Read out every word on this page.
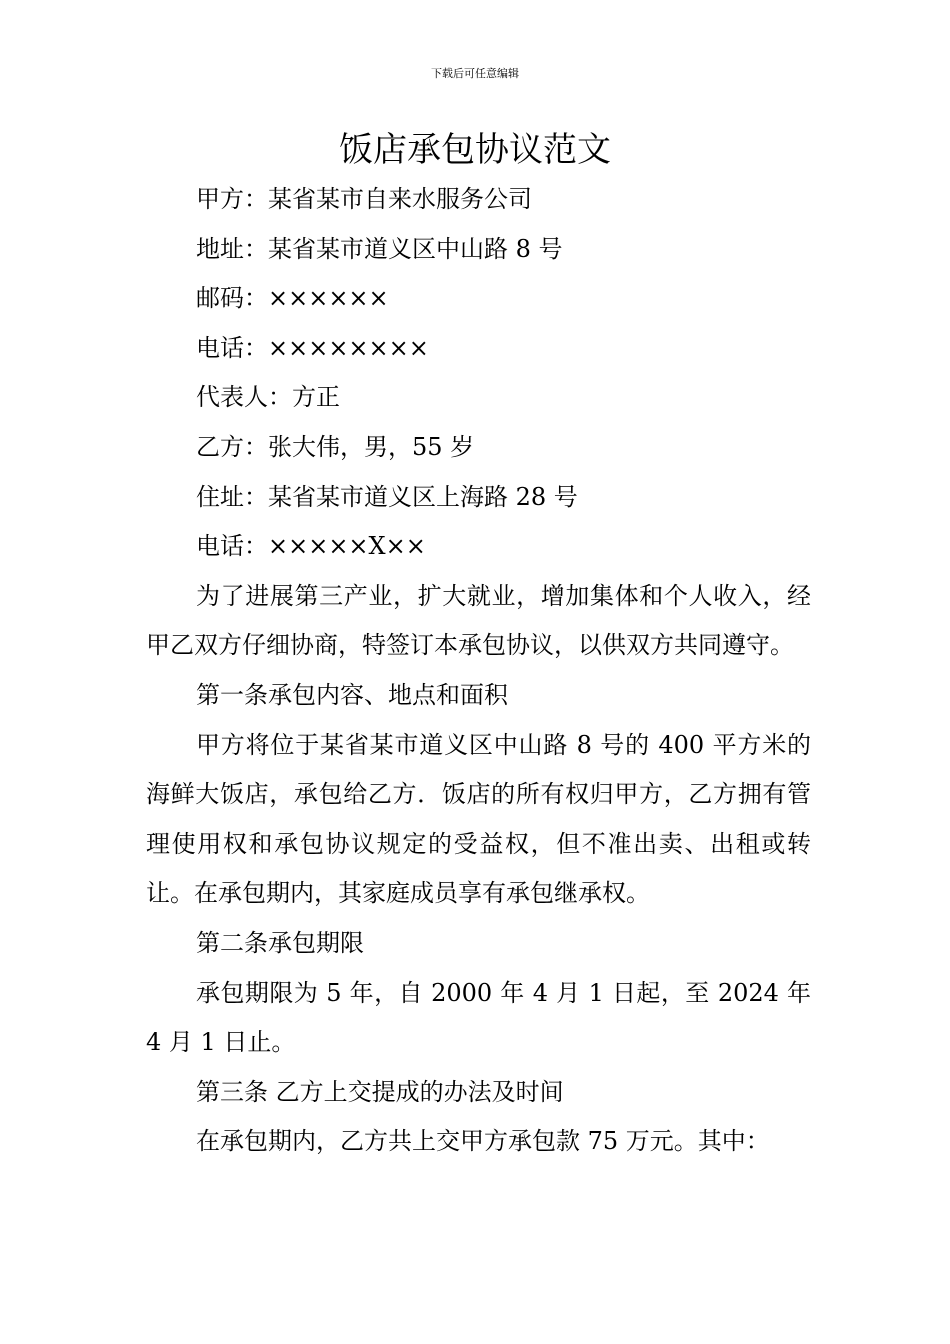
下载后可任意编辑
饭店承包协议范文
甲方：某省某市自来水服务公司
地址：某省某市道义区中山路 8 号
邮码：××××××
电话：××××××××
代表人：方正
乙方：张大伟，男，55 岁
住址：某省某市道义区上海路 28 号
电话：×××××X××

为了进展第三产业，扩大就业，增加集体和个人收入，经甲乙双方仔细协商，特签订本承包协议，以供双方共同遵守。

第一条承包内容、地点和面积

甲方将位于某省某市道义区中山路 8 号的 400 平方米的海鲜大饭店，承包给乙方．饭店的所有权归甲方，乙方拥有管理使用权和承包协议规定的受益权，但不准出卖、出租或转让。在承包期内，其家庭成员享有承包继承权。

第二条承包期限

承包期限为 5 年，自 2000 年 4 月 1 日起，至 2024 年 4 月 1 日止。

第三条 乙方上交提成的办法及时间

在承包期内，乙方共上交甲方承包款 75 万元。其中：
